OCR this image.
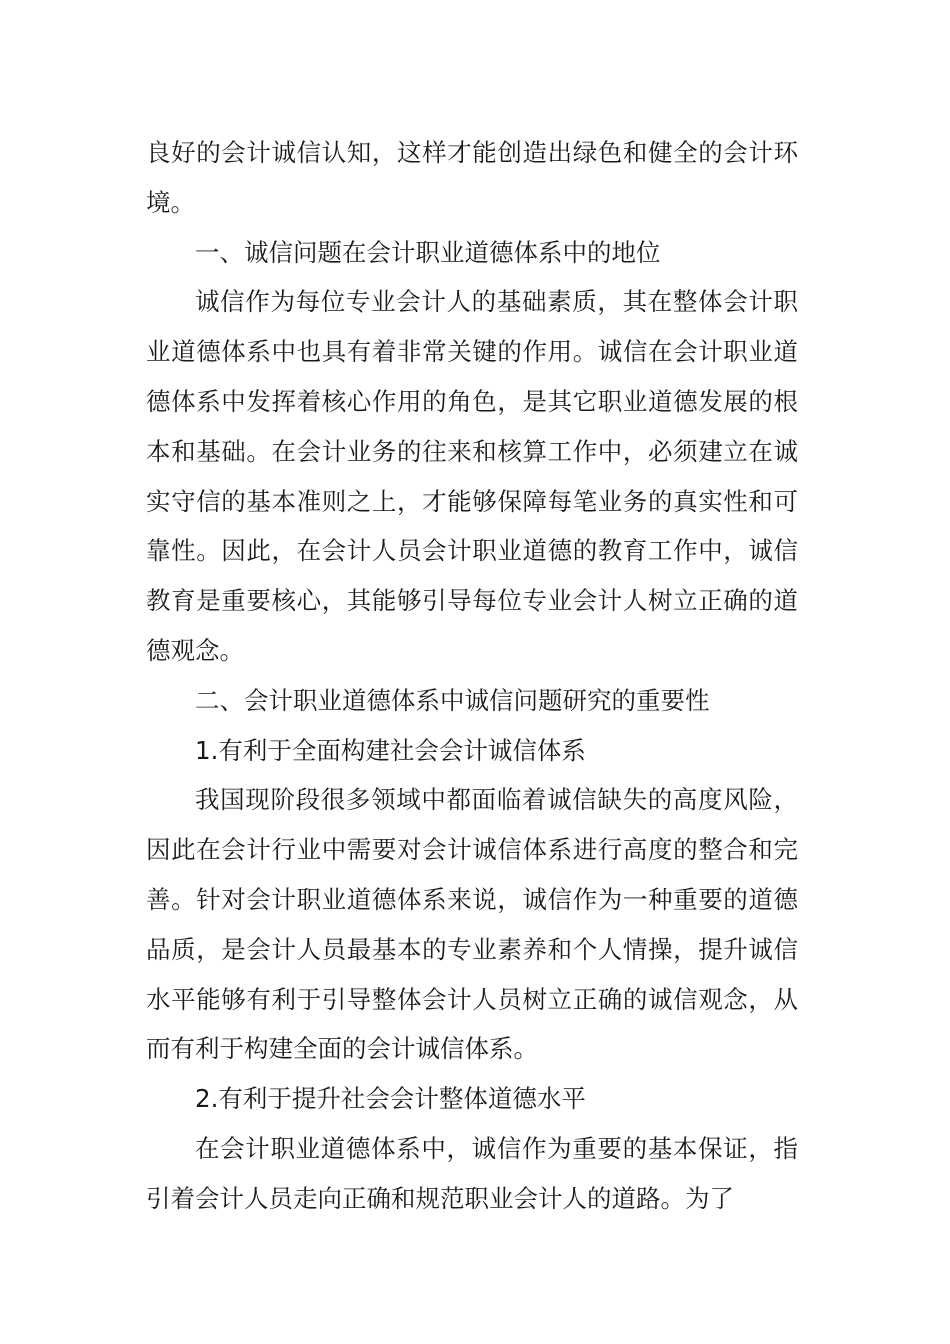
良好的会计诚信认知，这样才能创造出绿色和健全的会计环境。

一、诚信问题在会计职业道德体系中的地位

诚信作为每位专业会计人的基础素质，其在整体会计职业道德体系中也具有着非常关键的作用。诚信在会计职业道德体系中发挥着核心作用的角色，是其它职业道德发展的根本和基础。在会计业务的往来和核算工作中，必须建立在诚实守信的基本准则之上，才能够保障每笔业务的真实性和可靠性。因此，在会计人员会计职业道德的教育工作中，诚信教育是重要核心，其能够引导每位专业会计人树立正确的道德观念。

二、会计职业道德体系中诚信问题研究的重要性

1.有利于全面构建社会会计诚信体系

我国现阶段很多领域中都面临着诚信缺失的高度风险，因此在会计行业中需要对会计诚信体系进行高度的整合和完善。针对会计职业道德体系来说，诚信作为一种重要的道德品质，是会计人员最基本的专业素养和个人情操，提升诚信水平能够有利于引导整体会计人员树立正确的诚信观念，从而有利于构建全面的会计诚信体系。

2.有利于提升社会会计整体道德水平

在会计职业道德体系中，诚信作为重要的基本保证，指引着会计人员走向正确和规范职业会计人的道路。为了
